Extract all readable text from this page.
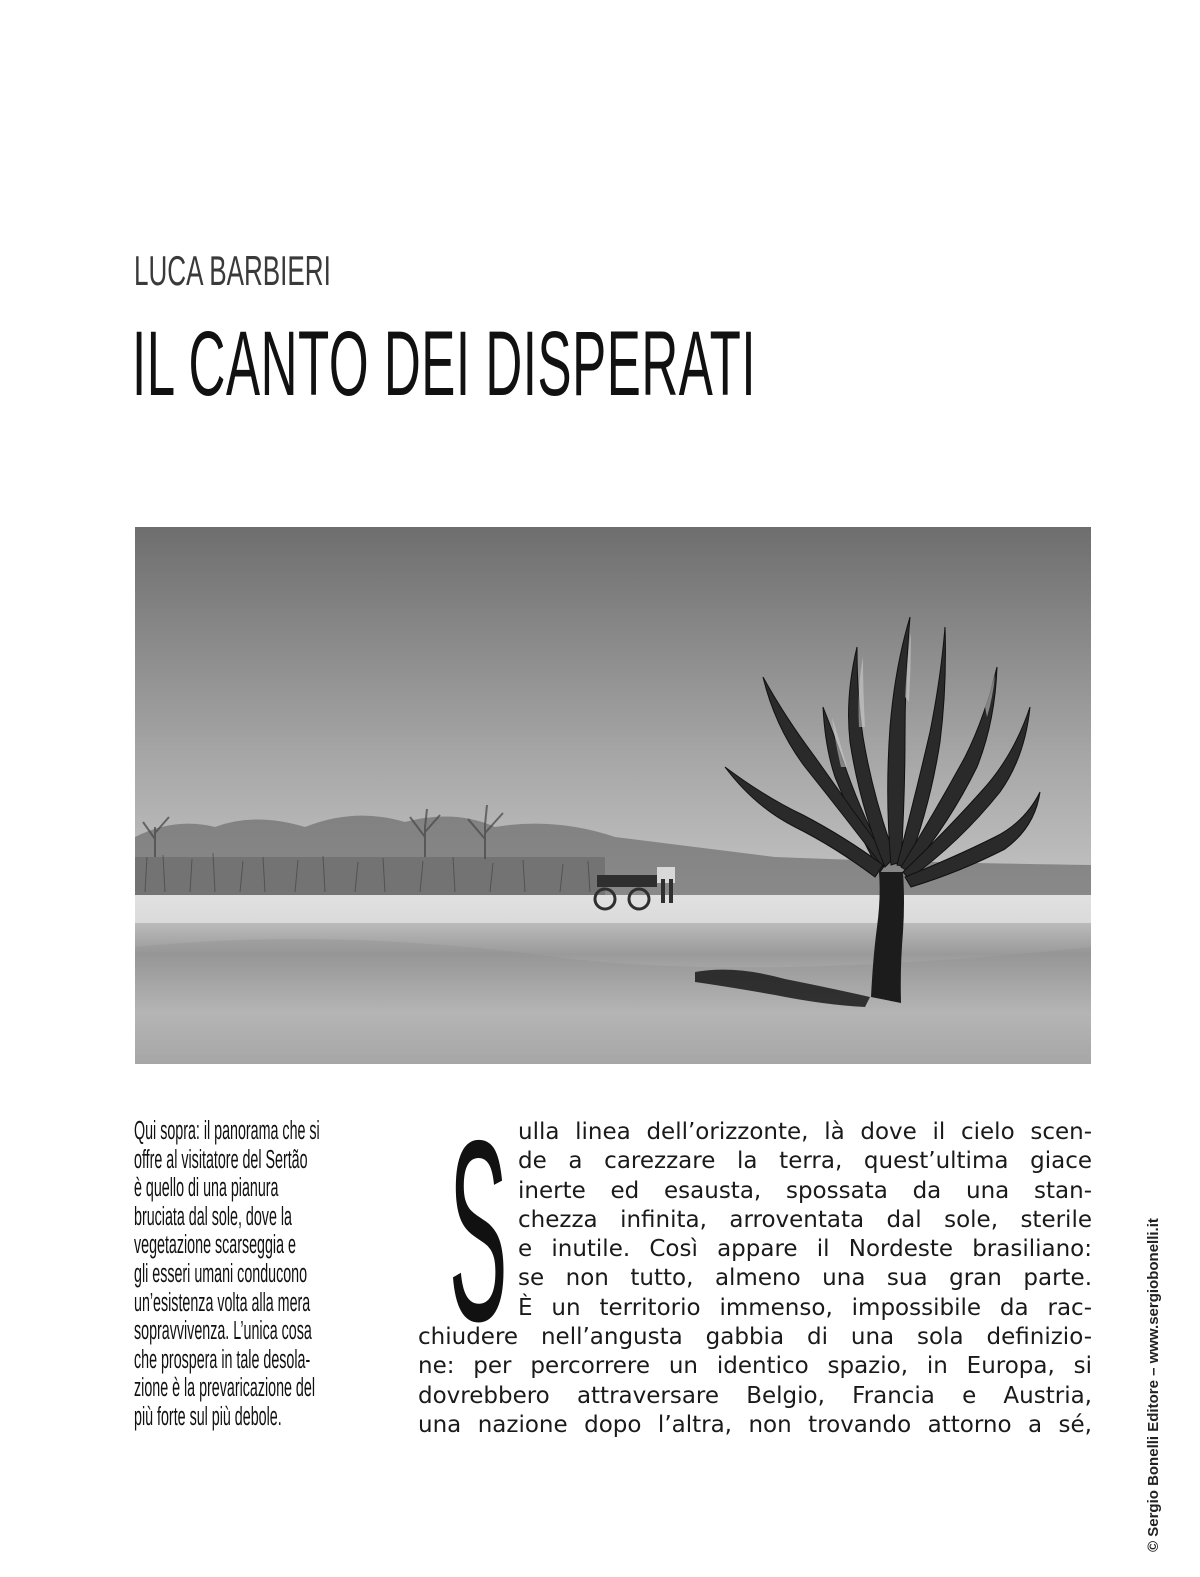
LUCA BARBIERI
IL CANTO DEI DISPERATI
Qui sopra: il panorama che si
offre al visitatore del Sertão
è quello di una pianura
bruciata dal sole, dove la
vegetazione scarseggia e
gli esseri umani conducono
un’esistenza volta alla mera
sopravvivenza. L’unica cosa
che prospera in tale desola-
zione è la prevaricazione del
più forte sul più debole.
S ulla linea dell’orizzonte, là dove il cielo scen-
de a carezzare la terra, quest’ultima giace
inerte ed esausta, spossata da una stan-
chezza infinita, arroventata dal sole, sterile
e inutile. Così appare il Nordeste brasiliano:
se non tutto, almeno una sua gran parte.
È un territorio immenso, impossibile da rac-
chiudere nell’angusta gabbia di una sola definizio-
ne: per percorrere un identico spazio, in Europa, si
dovrebbero attraversare Belgio, Francia e Austria,
una nazione dopo l’altra, non trovando attorno a sé,	© Sergio Bonelli Editore – www.sergiobonelli.it
